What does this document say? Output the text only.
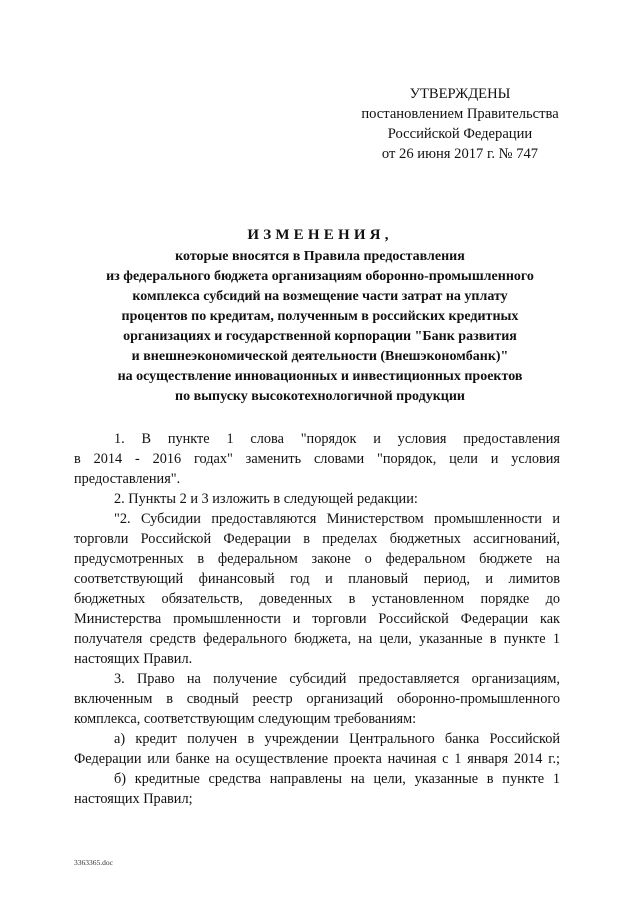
УТВЕРЖДЕНЫ
постановлением Правительства
Российской Федерации
от 26 июня 2017 г. № 747
ИЗМЕНЕНИЯ,
которые вносятся в Правила предоставления
из федерального бюджета организациям оборонно-промышленного
комплекса субсидий на возмещение части затрат на уплату
процентов по кредитам, полученным в российских кредитных
организациях и государственной корпорации "Банк развития
и внешнеэкономической деятельности (Внешэкономбанк)"
на осуществление инновационных и инвестиционных проектов
по выпуску высокотехнологичной продукции
1. В пункте 1 слова "порядок и условия предоставления
в 2014 - 2016 годах" заменить словами "порядок, цели и условия
предоставления".
2. Пункты 2 и 3 изложить в следующей редакции:
"2. Субсидии предоставляются Министерством промышленности и
торговли Российской Федерации в пределах бюджетных ассигнований,
предусмотренных в федеральном законе о федеральном бюджете на
соответствующий финансовый год и плановый период, и лимитов
бюджетных обязательств, доведенных в установленном порядке до
Министерства промышленности и торговли Российской Федерации как
получателя средств федерального бюджета, на цели, указанные в пункте 1
настоящих Правил.
3. Право на получение субсидий предоставляется организациям,
включенным в сводный реестр организаций оборонно-промышленного
комплекса, соответствующим следующим требованиям:
а) кредит получен в учреждении Центрального банка Российской
Федерации или банке на осуществление проекта начиная с 1 января 2014 г.;
б) кредитные средства направлены на цели, указанные в пункте 1
настоящих Правил;
3363365.doc
